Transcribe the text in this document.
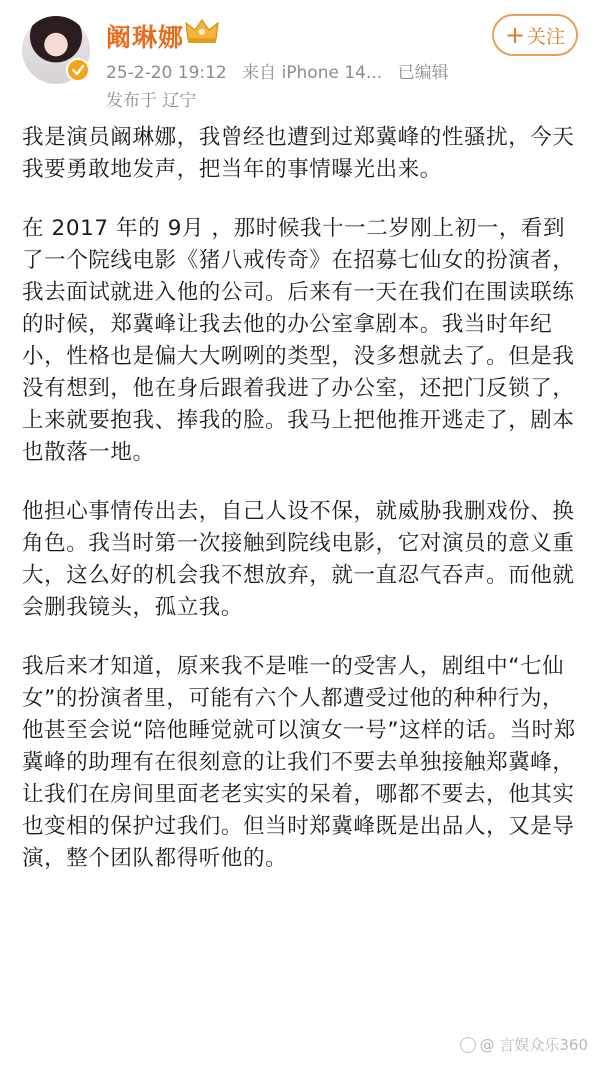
阚琳娜
25-2-20 19:12 来自 iPhone 14... 已编辑
发布于 辽宁
+ 关注

我是演员阚琳娜，我曾经也遭到过郑冀峰的性骚扰，今天我要勇敢地发声，把当年的事情曝光出来。

在 2017 年的 9月 ，那时候我十一二岁刚上初一，看到了一个院线电影《猪八戒传奇》在招募七仙女的扮演者，我去面试就进入他的公司。后来有一天在我们在围读联练的时候，郑冀峰让我去他的办公室拿剧本。我当时年纪小，性格也是偏大大咧咧的类型，没多想就去了。但是我没有想到，他在身后跟着我进了办公室，还把门反锁了，上来就要抱我、捧我的脸。我马上把他推开逃走了，剧本也散落一地。

他担心事情传出去，自己人设不保，就威胁我删戏份、换角色。我当时第一次接触到院线电影，它对演员的意义重大，这么好的机会我不想放弃，就一直忍气吞声。而他就会删我镜头，孤立我。

我后来才知道，原来我不是唯一的受害人，剧组中“七仙女”的扮演者里，可能有六个人都遭受过他的种种行为，他甚至会说“陪他睡觉就可以演女一号”这样的话。当时郑冀峰的助理有在很刻意的让我们不要去单独接触郑冀峰，让我们在房间里面老老实实的呆着，哪都不要去，他其实也变相的保护过我们。但当时郑冀峰既是出品人，又是导演，整个团队都得听他的。

@ 言娱众乐360
